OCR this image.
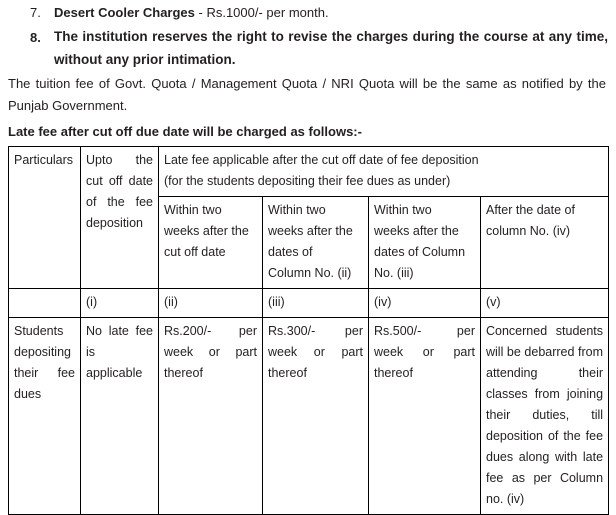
7.	Desert Cooler Charges - Rs.1000/- per month.
8. The institution reserves the right to revise the charges during the course at any time, without any prior intimation.

The tuition fee of Govt. Quota / Management Quota / NRI Quota will be the same as notified by the Punjab Government.

Late fee after cut off due date will be charged as follows:-

Particulars	Upto the cut off date of the fee deposition	Late fee applicable after the cut off date of fee deposition
(for the students depositing their fee dues as under)			

		Within two
weeks after the
cut off date	Within two
weeks after the
dates of
Column No. (ii)	Within two
weeks after the
dates of Column
No. (iii)	After the date of
column No. (iv)

	(i)	(ii)	(iii)	(iv)	(v)
Students depositing their fee dues	No late fee is applicable	Rs.200/- per week or part thereof	Rs.300/- per week or part thereof	Rs.500/- per week or part thereof	Concerned students will be debarred from attending their classes from joining their duties, till deposition of the fee dues along with late fee as per Column no. (iv)
